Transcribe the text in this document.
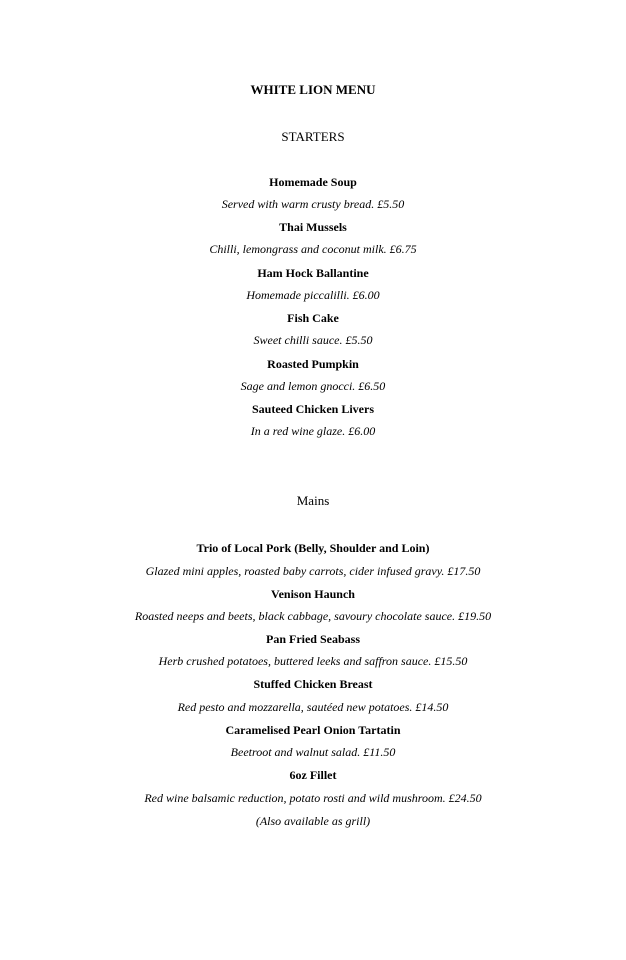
WHITE LION MENU
STARTERS
Homemade Soup
Served with warm crusty bread. £5.50
Thai Mussels
Chilli, lemongrass and coconut milk. £6.75
Ham Hock Ballantine
Homemade piccalilli. £6.00
Fish Cake
Sweet chilli sauce. £5.50
Roasted Pumpkin
Sage and lemon gnocci. £6.50
Sauteed Chicken Livers
In a red wine glaze. £6.00
Mains
Trio of Local Pork (Belly, Shoulder and Loin)
Glazed mini apples, roasted baby carrots, cider infused gravy. £17.50
Venison Haunch
Roasted neeps and beets, black cabbage, savoury chocolate sauce. £19.50
Pan Fried Seabass
Herb crushed potatoes, buttered leeks and saffron sauce. £15.50
Stuffed Chicken Breast
Red pesto and mozzarella, sautéed new potatoes. £14.50
Caramelised Pearl Onion Tartatin
Beetroot and walnut salad. £11.50
6oz Fillet
Red wine balsamic reduction, potato rosti and wild mushroom. £24.50
(Also available as grill)
